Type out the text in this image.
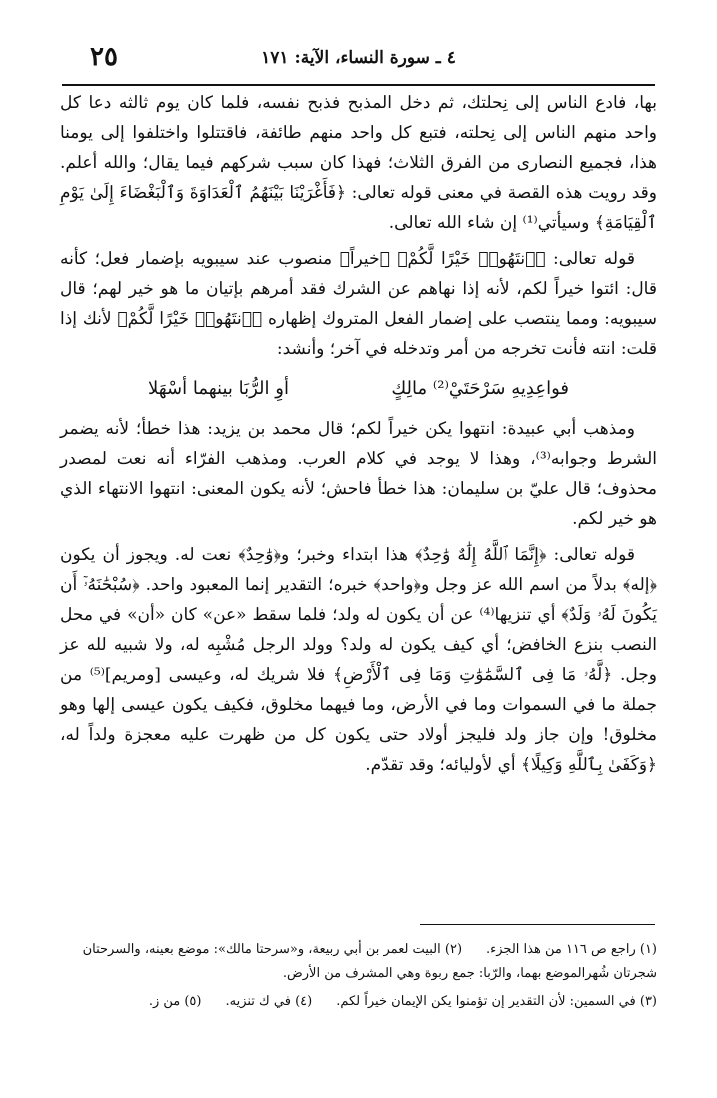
٢٥	٤ ـ سورة النساء، الآية: ١٧١

بها، فادع الناس إلى نِحلتك، ثم دخل المذبح فذبح نفسه، فلما كان يوم ثالثه دعا كل واحد منهم الناس إلى نِحلته، فتبع كل واحد منهم طائفة، فاقتتلوا واختلفوا إلى يومنا هذا، فجميع النصارى من الفرق الثلاث؛ فهذا كان سبب شركهم فيما يقال؛ والله أعلم. وقد رويت هذه القصة في معنى قوله تعالى: ﴿فَأَغْرَيْنَا بَيْنَهُمُ ٱلْعَدَاوَةَ وَٱلْبَغْضَاءَ إِلَىٰ يَوْمِ ٱلْقِيَامَةِ﴾ وسيأتي⁽¹⁾ إن شاء الله تعالى.

قوله تعالى: ﴿ٱنتَهُوا۟ خَيْرًا لَّكُمْ﴾ ﴿خيراً﴾ منصوب عند سيبويه بإضمار فعل؛ كأنه قال: ائتوا خيراً لكم، لأنه إذا نهاهم عن الشرك فقد أمرهم بإتيان ما هو خير لهم؛ قال سيبويه: ومما ينتصب على إضمار الفعل المتروك إظهاره ﴿ٱنتَهُوا۟ خَيْرًا لَّكُمْ﴾ لأنك إذا قلت: انته فأنت تخرجه من أمر وتدخله في آخر؛ وأنشد:

فواعِدِيهِ سَرْحَتَيْ⁽²⁾ مالِكٍ
أوِ الرُّبَا بينهما أسْهَلا

ومذهب أبي عبيدة: انتهوا يكن خيراً لكم؛ قال محمد بن يزيد: هذا خطأ؛ لأنه يضمر الشرط وجوابه⁽³⁾، وهذا لا يوجد في كلام العرب. ومذهب الفرّاء أنه نعت لمصدر محذوف؛ قال عليّ بن سليمان: هذا خطأ فاحش؛ لأنه يكون المعنى: انتهوا الانتهاء الذي هو خير لكم.

قوله تعالى: ﴿إِنَّمَا ٱللَّهُ إِلَٰهٌ وَٰحِدٌ﴾ هذا ابتداء وخبر؛ و﴿وَٰحِدٌ﴾ نعت له. ويجوز أن يكون ﴿إله﴾ بدلاً من اسم الله عز وجل و﴿واحد﴾ خبره؛ التقدير إنما المعبود واحد. ﴿سُبْحَٰنَهُۥٓ أَن يَكُونَ لَهُۥ وَلَدٌ﴾ أي تنزيها⁽⁴⁾ عن أن يكون له ولد؛ فلما سقط «عن» كان «أن» في محل النصب بنزع الخافض؛ أي كيف يكون له ولد؟ وولد الرجل مُشْبِه له، ولا شبيه لله عز وجل. ﴿لَّهُۥ مَا فِى ٱلسَّمَٰوَٰتِ وَمَا فِى ٱلْأَرْضِ﴾ فلا شريك له، وعيسى [ومريم]⁽⁵⁾ من جملة ما في السموات وما في الأرض، وما فيهما مخلوق، فكيف يكون عيسى إلها وهو مخلوق! وإن جاز ولد فليجز أولاد حتى يكون كل من ظهرت عليه معجزة ولداً له، ﴿وَكَفَىٰ بِٱللَّهِ وَكِيلًا﴾ أي لأوليائه؛ وقد تقدّم.

(١) راجع ص ١١٦ من هذا الجزء.(٢) البيت لعمر بن أبي ربيعة، و«سرحتا مالك»: موضع بعينه، والسرحتان شجرتان شُهرالموضع بهما، والرّبا: جمع ربوة وهي المشرف من الأرض.

(٣) في السمين: لأن التقدير إن تؤمنوا يكن الإيمان خيراً لكم.(٤) في ك تنزيه.(٥) من ز.
